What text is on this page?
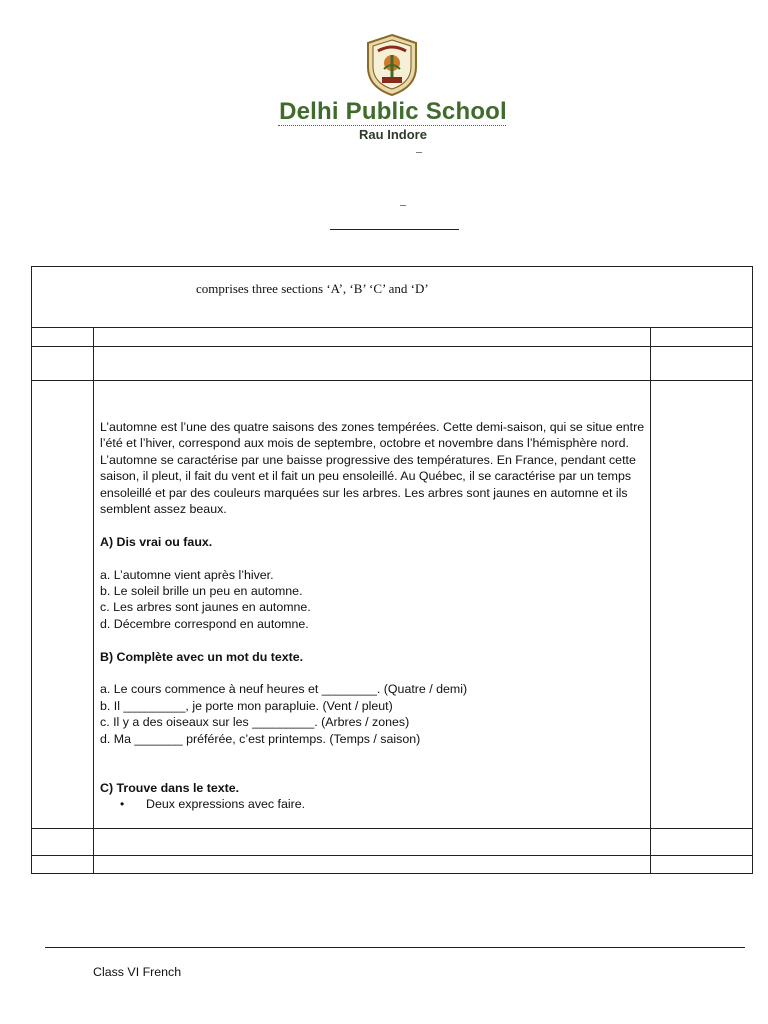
Delhi Public School
Rau Indore
–
–
comprises three sections ‘A’, ‘B’ ‘C’ and ‘D’

L’automne est l’une des quatre saisons des zones tempérées. Cette demi-saison, qui se situe entre l’été et l’hiver, correspond aux mois de septembre, octobre et novembre dans l’hémisphère nord. L’automne se caractérise par une baisse progressive des températures. En France, pendant cette saison, il pleut, il fait du vent et il fait un peu ensoleillé. Au Québec, il se caractérise par un temps ensoleillé et par des couleurs marquées sur les arbres. Les arbres sont jaunes en automne et ils semblent assez beaux.

A) Dis vrai ou faux.

a. L’automne vient après l’hiver.

b. Le soleil brille un peu en automne.

c. Les arbres sont jaunes en automne.

d. Décembre correspond en automne.

B) Complète avec un mot du texte.

a. Le cours commence à neuf heures et ________. (Quatre / demi)

b. Il _________, je porte mon parapluie. (Vent / pleut)

c. Il y a des oiseaux sur les _________. (Arbres / zones)

d. Ma _______ préférée, c’est printemps. (Temps / saison)

C) Trouve dans le texte.

•	Deux expressions avec faire.
Class VI French
